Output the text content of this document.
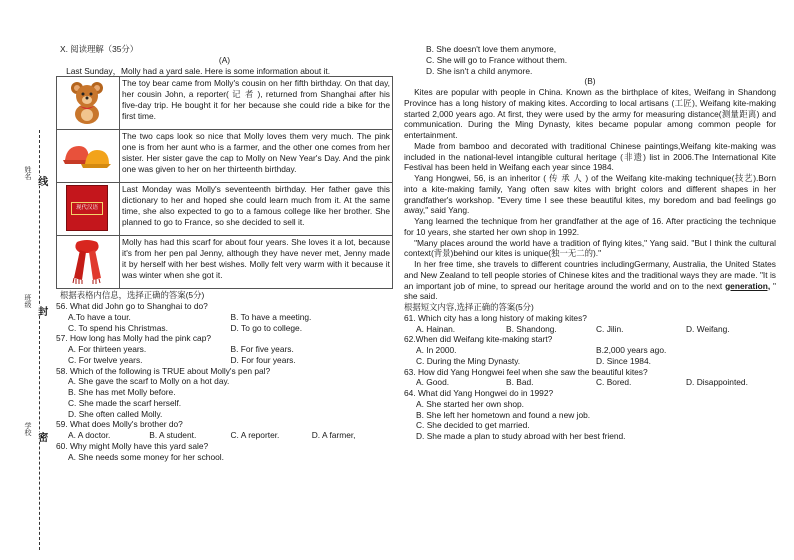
姓名
线
班级
封
学校
密

X. 阅读理解（35分）

(A)

Last Sunday，Molly had a yard sale. Here is some information about it.

	The toy bear came from Molly's cousin on her fifth birthday. On that day, her cousin John, a reporter( 记 者 ), returned from Shanghai after his five-day trip. He bought it for her because she could ride a bike for the first time.

	The two caps look so nice that Molly loves them very much. The pink one is from her aunt who is a farmer, and the other one comes from her sister. Her sister gave the cap to Molly on New Year's Day. And the pink one was given to her on her thirteenth birthday.

现代汉语	Last Monday was Molly's seventeenth birthday. Her father gave this dictionary to her and hoped she could learn much from it. At the same time, she also expected to go to a famous college like her brother. She planned to go to France, so she decided to sell it.

	Molly has had this scarf for about four years. She loves it a lot, because it's from her pen pal Jenny, although they have never met, Jenny made it by herself with her best wishes. Molly felt very warm with it because it was winter when she got it.

根据表格内信息，选择正确的答案(5分)

56. What did John go to Shanghai to do?

A.To have a tour.	B. To have a meeting.
C. To spend his Christmas.	D. To go to college.

57. How long has Molly had the pink cap?

A. For thirteen years.	B. For five years.
C. For twelve years.	D. For four years.

58. Which of the following is TRUE about Molly's pen pal?

A. She gave the scarf to Molly on a hot day.

B. She has met Molly before.

C. She made the scarf herself.

D. She often called Molly.

59. What does Molly's brother do?

A. A doctor.	B. A student.	C. A reporter.	D. A farmer,

60. Why might Molly have this yard sale?

A. She needs some money for her school.

B. She doesn't love them anymore,

C. She will go to France without them.

D. She isn't a child anymore.

(B)

Kites are popular with people in China. Known as the birthplace of kites, Weifang in Shandong Province has a long history of making kites. According to local artisans (工匠), Weifang kite-making started 2,000 years ago. At first, they were used by the army for measuring distance(测量距离) and communication. During the Ming Dynasty, kites became popular among common people for entertainment.

Made from bamboo and decorated with traditional Chinese paintings,Weifang kite-making was included in the national-level intangible cultural heritage (非遗) list in 2006.The International Kite Festival has been held in Weifang each year since 1984.

Yang Hongwei, 56, is an inheritor ( 传 承 人 ) of the Weifang kite-making technique(技艺).Born into a kite-making family, Yang often saw kites with bright colors and different shapes in her grandfather's workshop. "Every time I see these beautiful kites, my boredom and bad feelings go away," said Yang.

Yang learned the technique from her grandfather at the age of 16. After practicing the technique for 10 years, she started her own shop in 1992.

"Many places around the world have a tradition of flying kites," Yang said. "But I think the cultural context(背景)behind our kites is unique(独一无二的)."

In her free time, she travels to different countries includingGermany, Australia, the United States and New Zealand to tell people stories of Chinese kites and the traditional ways they are made. "It is an important job of mine, to spread our heritage around the world and on to the next generation, " she said.

根据短文内容,选择正确的答案(5分)

61. Which city has a long history of making kites?

A. Hainan.	B. Shandong.	C. Jilin.	D. Weifang.

62.When did Weifang kite-making start?

A. In 2000.	B.2,000 years ago.
C. During the Ming Dynasty.	D. Since 1984.

63. How did Yang Hongwei feel when she saw the beautiful kites?

A. Good.	B. Bad.	C. Bored.	D. Disappointed.

64. What did Yang Hongwei do in 1992?

A. She started her own shop.

B. She left her hometown and found a new job.

C. She decided to get married.

D. She made a plan to study abroad with her best friend.
